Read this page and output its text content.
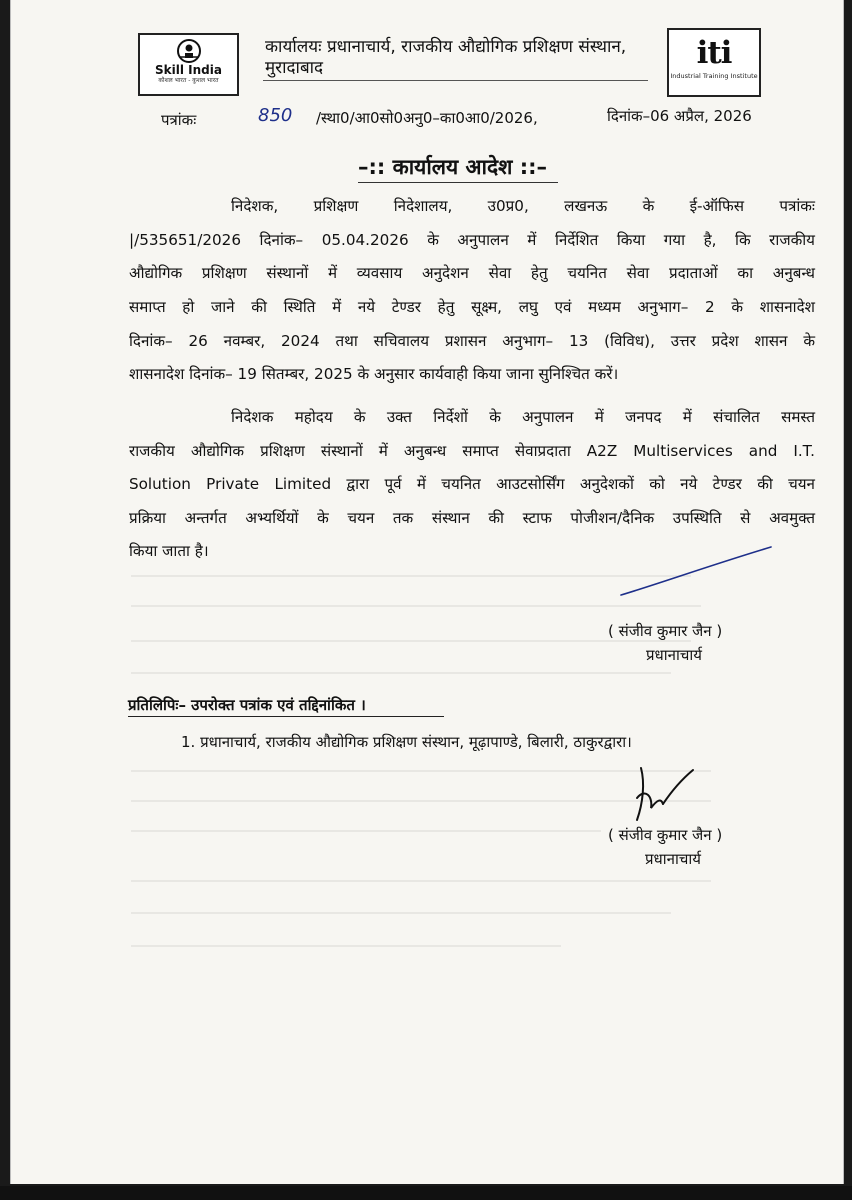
Skill India
कौशल भारत - कुशल भारत
कार्यालयः प्रधानाचार्य, राजकीय औद्योगिक प्रशिक्षण संस्थान,
मुरादाबाद	iti
Industrial Training Institute
पत्रांकः	850 /स्था0/आ0सो0अनु0–का0आ0/2026,	दिनांक–06 अप्रैल, 2026
–:: कार्यालय आदेश ::–
निदेशक, प्रशिक्षण निदेशालय, उ0प्र0, लखनऊ के ई-ऑफिस पत्रांकः
|/535651/2026 दिनांक– 05.04.2026 के अनुपालन में निर्देशित किया गया है, कि राजकीय
औद्योगिक प्रशिक्षण संस्थानों में व्यवसाय अनुदेशन सेवा हेतु चयनित सेवा प्रदाताओं का अनुबन्ध
समाप्त हो जाने की स्थिति में नये टेण्डर हेतु सूक्ष्म, लघु एवं मध्यम अनुभाग– 2 के शासनादेश
दिनांक– 26 नवम्बर, 2024 तथा सचिवालय प्रशासन अनुभाग– 13 (विविध), उत्तर प्रदेश शासन के
शासनादेश दिनांक– 19 सितम्बर, 2025 के अनुसार कार्यवाही किया जाना सुनिश्चित करें।
निदेशक महोदय के उक्त निर्देशों के अनुपालन में जनपद में संचालित समस्त
राजकीय औद्योगिक प्रशिक्षण संस्थानों में अनुबन्ध समाप्त सेवाप्रदाता A2Z Multiservices and I.T.
Solution Private Limited द्वारा पूर्व में चयनित आउटसोर्सिंग अनुदेशकों को नये टेण्डर की चयन
प्रक्रिया अन्तर्गत अभ्यर्थियों के चयन तक संस्थान की स्टाफ पोजीशन/दैनिक उपस्थिति से अवमुक्त
किया जाता है।
( संजीव कुमार जैन )
प्रधानाचार्य
प्रतिलिपिः– उपरोक्त पत्रांक एवं तद्दिनांकित ।
1. प्रधानाचार्य, राजकीय औद्योगिक प्रशिक्षण संस्थान, मूढ़ापाण्डे, बिलारी, ठाकुरद्वारा।
( संजीव कुमार जैन )
प्रधानाचार्य
